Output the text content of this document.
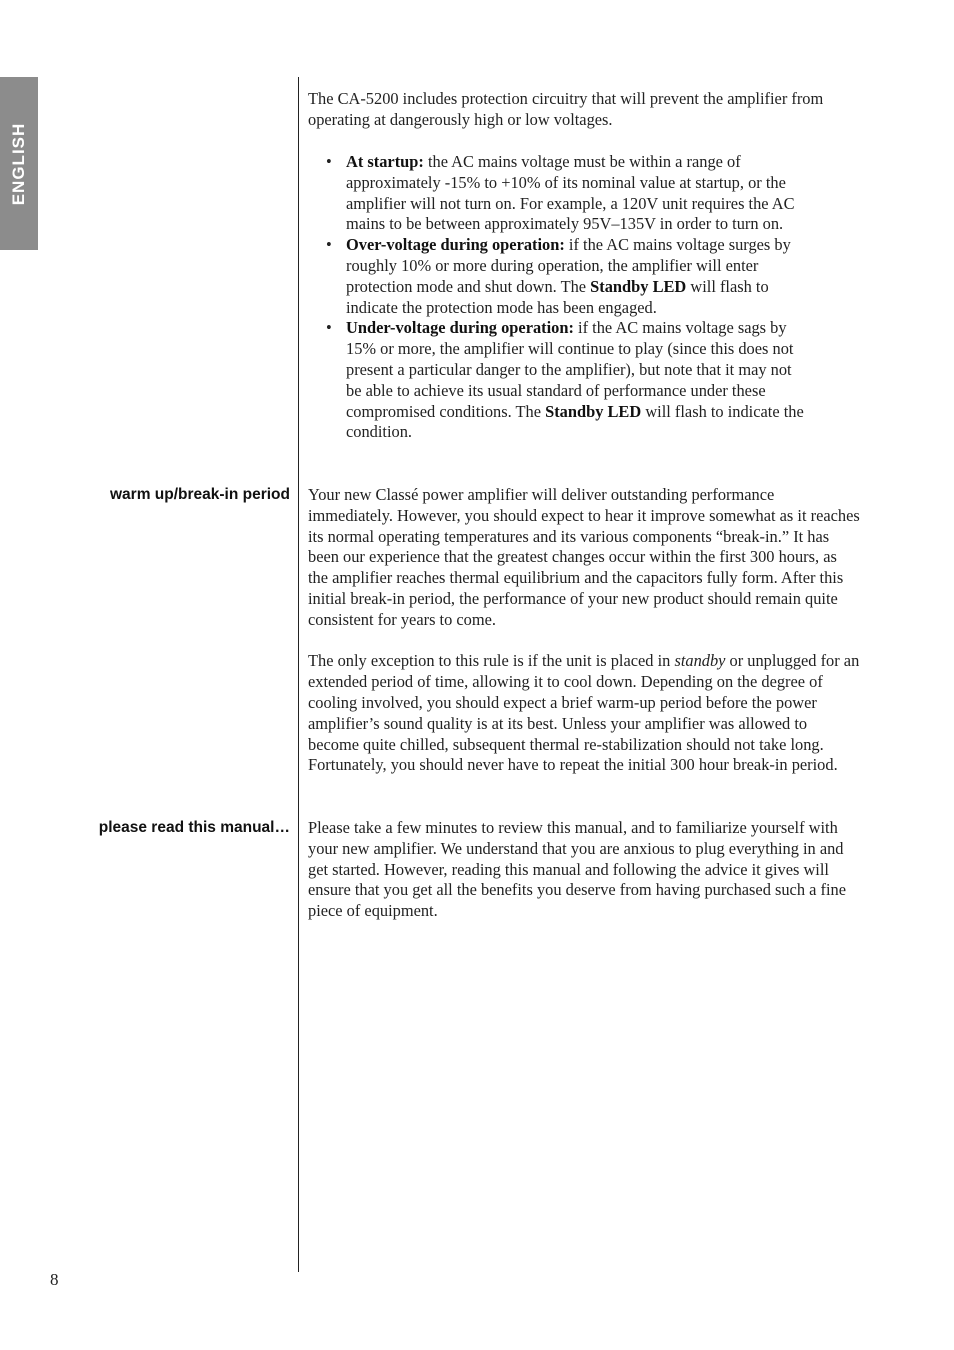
ENGLISH

The CA-5200 includes protection circuitry that will prevent the amplifier from operating at dangerously high or low voltages.

• At startup: the AC mains voltage must be within a range of approximately -15% to +10% of its nominal value at startup, or the amplifier will not turn on. For example, a 120V unit requires the AC mains to be between approximately 95V–135V in order to turn on.
• Over-voltage during operation: if the AC mains voltage surges by roughly 10% or more during operation, the amplifier will enter protection mode and shut down. The Standby LED will flash to indicate the protection mode has been engaged.
• Under-voltage during operation: if the AC mains voltage sags by 15% or more, the amplifier will continue to play (since this does not present a particular danger to the amplifier), but note that it may not be able to achieve its usual standard of performance under these compromised conditions. The Standby LED will flash to indicate the condition.
warm up/break-in period Your new Classé power amplifier will deliver outstanding performance immediately. However, you should expect to hear it improve somewhat as it reaches its normal operating temperatures and its various components “break-in.” It has been our experience that the greatest changes occur within the first 300 hours, as the amplifier reaches thermal equilibrium and the capacitors fully form. After this initial break-in period, the performance of your new product should remain quite consistent for years to come.

The only exception to this rule is if the unit is placed in standby or unplugged for an extended period of time, allowing it to cool down. Depending on the degree of cooling involved, you should expect a brief warm-up period before the power amplifier’s sound quality is at its best. Unless your amplifier was allowed to become quite chilled, subsequent thermal re-stabilization should not take long. Fortunately, you should never have to repeat the initial 300 hour break-in period.

please read this manual… Please take a few minutes to review this manual, and to familiarize yourself with your new amplifier. We understand that you are anxious to plug everything in and get started. However, reading this manual and following the advice it gives will ensure that you get all the benefits you deserve from having purchased such a fine piece of equipment.

8
